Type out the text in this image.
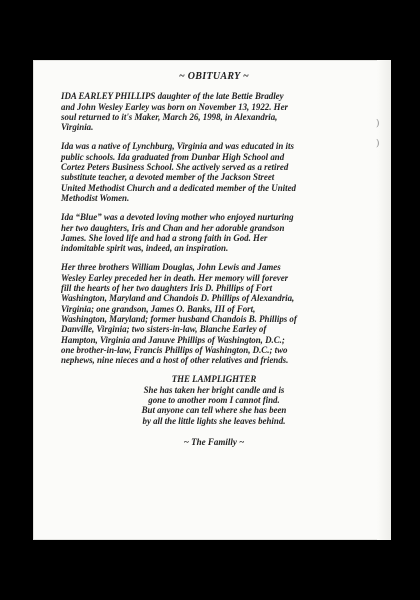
)
)
~ OBITUARY ~
IDA EARLEY PHILLIPS daughter of the late Bettie Bradley
and John Wesley Earley was born on November 13, 1922. Her
soul returned to it's Maker, March 26, 1998, in Alexandria,
Virginia.
Ida was a native of Lynchburg, Virginia and was educated in its
public schools. Ida graduated from Dunbar High School and
Cortez Peters Business School. She actively served as a retired
substitute teacher, a devoted member of the Jackson Street
United Methodist Church and a dedicated member of the United
Methodist Women.
Ida “Blue” was a devoted loving mother who enjoyed nurturing
her two daughters, Iris and Chan and her adorable grandson
James. She loved life and had a strong faith in God. Her
indomitable spirit was, indeed, an inspiration.
Her three brothers William Douglas, John Lewis and James
Wesley Earley preceded her in death. Her memory will forever
fill the hearts of her two daughters Iris D. Phillips of Fort
Washington, Maryland and Chandois D. Phillips of Alexandria,
Virginia; one grandson, James O. Banks, III of Fort,
Washington, Maryland; former husband Chandois B. Phillips of
Danville, Virginia; two sisters-in-law, Blanche Earley of
Hampton, Virginia and Januve Phillips of Washington, D.C.;
one brother-in-law, Francis Phillips of Washington, D.C.; two
nephews, nine nieces and a host of other relatives and friends.
THE LAMPLIGHTER
She has taken her bright candle and is
gone to another room I cannot find.
But anyone can tell where she has been
by all the little lights she leaves behind.
~ The Familly ~
